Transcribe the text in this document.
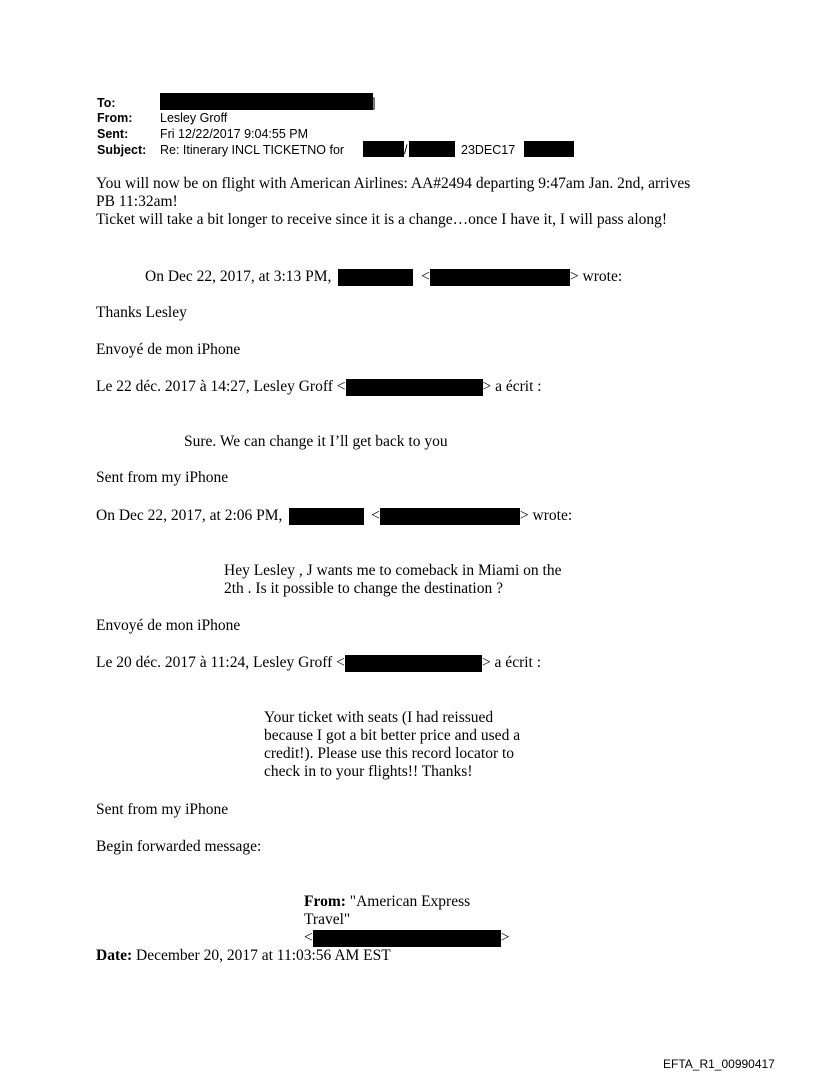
To:	]
From: Lesley Groff
Sent:	Fri 12/22/2017 9:04:55 PM
Subject: Re: Itinerary INCL TICKETNO for	/	23DEC17
You will now be on flight with American Airlines: AA#2494 departing 9:47am Jan. 2nd, arrives
PB 11:32am!
Ticket will take a bit longer to receive since it is a change…once I have it, I will pass along!
On Dec 22, 2017, at 3:13 PM,	<	> wrote:
Thanks Lesley
Envoyé de mon iPhone
Le 22 déc. 2017 à 14:27, Lesley Groff <	> a écrit :
Sure. We can change it I’ll get back to you
Sent from my iPhone
On Dec 22, 2017, at 2:06 PM,	<	> wrote:
Hey Lesley , J wants me to comeback in Miami on the
2th . Is it possible to change the destination ?
Envoyé de mon iPhone
Le 20 déc. 2017 à 11:24, Lesley Groff <	> a écrit :
Your ticket with seats (I had reissued
because I got a bit better price and used a
credit!). Please use this record locator to
check in to your flights!! Thanks!
Sent from my iPhone
Begin forwarded message:
From: "American Express
Travel"
<	>
Date: December 20, 2017 at 11:03:56 AM EST
EFTA_R1_00990417
